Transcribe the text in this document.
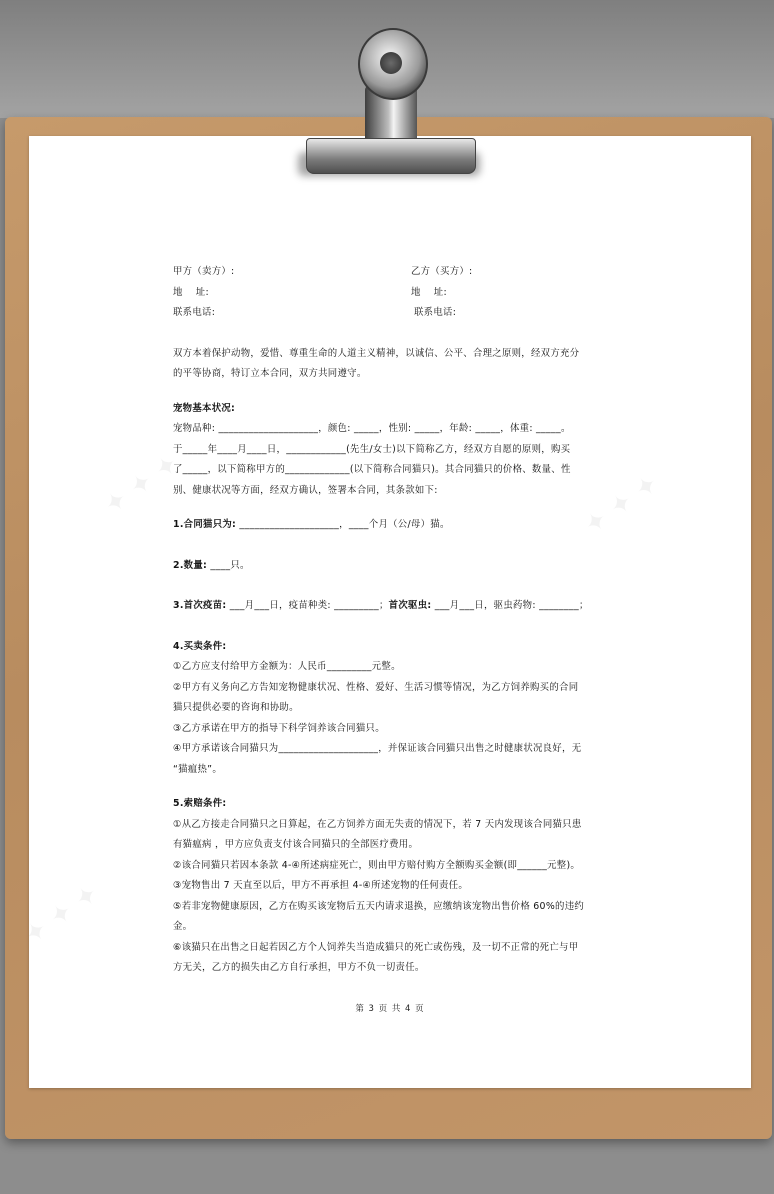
✦ ✦ ✦	✦ ✦ ✦
✦ ✦ ✦
甲方（卖方）:	乙方（买方）:
地    址:	地    址:
联系电话:	联系电话:
双方本着保护动物，爱惜、尊重生命的人道主义精神，以诚信、公平、合理之原则，经双方充分
的平等协商，特订立本合同，双方共同遵守。
宠物基本状况:
宠物品种: ____________________，颜色: _____，性别: _____，年龄: _____，体重: _____。
于_____年____月____日，____________(先生/女士)以下简称乙方，经双方自愿的原则，购买
了_____，以下简称甲方的_____________(以下简称合同猫只)。其合同猫只的价格、数量、性
别、健康状况等方面，经双方确认，签署本合同，其条款如下:
1.合同猫只为: ____________________，____个月（公/母）猫。
2.数量: ____只。
3.首次疫苗: ___月___日，疫苗种类: _________；首次驱虫: ___月___日，驱虫药物: ________；
4.买卖条件:
①乙方应支付给甲方金额为：人民币_________元整。
②甲方有义务向乙方告知宠物健康状况、性格、爱好、生活习惯等情况，为乙方饲养购买的合同
猫只提供必要的咨询和协助。
③乙方承诺在甲方的指导下科学饲养该合同猫只。
④甲方承诺该合同猫只为____________________，并保证该合同猫只出售之时健康状况良好，无
“猫瘟热”。
5.索赔条件:
①从乙方接走合同猫只之日算起，在乙方饲养方面无失责的情况下，若 7 天内发现该合同猫只患
有猫瘟病 ，甲方应负责支付该合同猫只的全部医疗费用。
②该合同猫只若因本条款 4-④所述病症死亡，则由甲方赔付购方全额购买金额(即______元整)。
③宠物售出 7 天直至以后，甲方不再承担 4-④所述宠物的任何责任。
⑤若非宠物健康原因，乙方在购买该宠物后五天内请求退换，应缴纳该宠物出售价格 60%的违约
金。
⑥该猫只在出售之日起若因乙方个人饲养失当造成猫只的死亡或伤残，及一切不正常的死亡与甲
方无关，乙方的损失由乙方自行承担，甲方不负一切责任。
第 3 页 共 4 页
